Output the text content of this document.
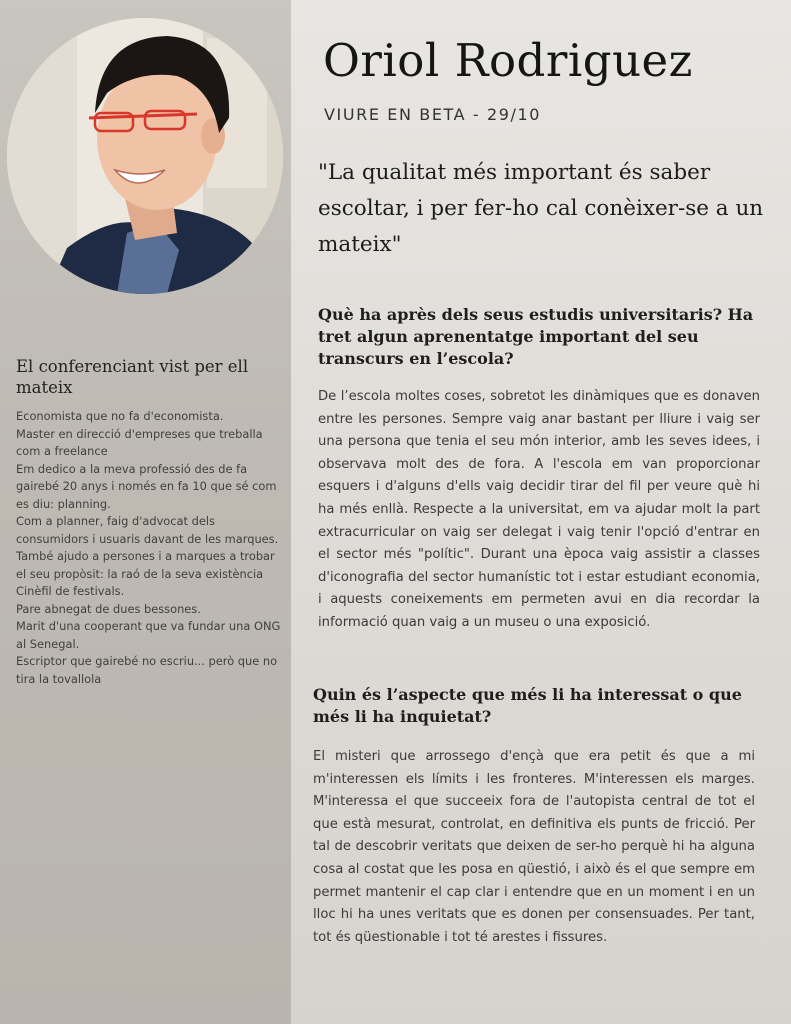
El conferenciant vist per ell mateix
Economista que no fa d'economista.
Master en direcció d'empreses que treballa com a freelance
Em dedico a la meva professió des de fa gairebé 20 anys i només en fa 10 que sé com es diu: planning.
Com a planner, faig d'advocat dels consumidors i usuaris davant de les marques.
També ajudo a persones i a marques a trobar el seu propòsit: la raó de la seva existència
Cinèfil de festivals.
Pare abnegat de dues bessones.
Marit d'una cooperant que va fundar una ONG al Senegal.
Escriptor que gairebé no escriu... però que no tira la tovallola
Oriol Rodriguez
VIURE EN BETA - 29/10
"La qualitat més important és saber escoltar, i per fer-ho cal conèixer-se a un mateix"
Què ha après dels seus estudis universitaris? Ha tret algun aprenentatge important del seu transcurs en l’escola?
De l’escola moltes coses, sobretot les dinàmiques que es donaven entre les persones. Sempre vaig anar bastant per lliure i vaig ser una persona que tenia el seu món interior, amb les seves idees, i observava molt des de fora. A l'escola em van proporcionar esquers i d'alguns d'ells vaig decidir tirar del fil per veure què hi ha més enllà. Respecte a la universitat, em va ajudar molt la part extracurricular on vaig ser delegat i vaig tenir l'opció d'entrar en el sector més "polític". Durant una època vaig assistir a classes d'iconografia del sector humanístic tot i estar estudiant economia, i aquests coneixements em permeten avui en dia recordar la informació quan vaig a un museu o una exposició.
Quin és l’aspecte que més li ha interessat o que més li ha inquietat?
El misteri que arrossego d'ençà que era petit és que a mi m'interessen els límits i les fronteres. M'interessen els marges. M'interessa el que succeeix fora de l'autopista central de tot el que està mesurat, controlat, en definitiva els punts de fricció. Per tal de descobrir veritats que deixen de ser-ho perquè hi ha alguna cosa al costat que les posa en qüestió, i això és el que sempre em permet mantenir el cap clar i entendre que en un moment i en un lloc hi ha unes veritats que es donen per consensuades. Per tant, tot és qüestionable i tot té arestes i fissures.
